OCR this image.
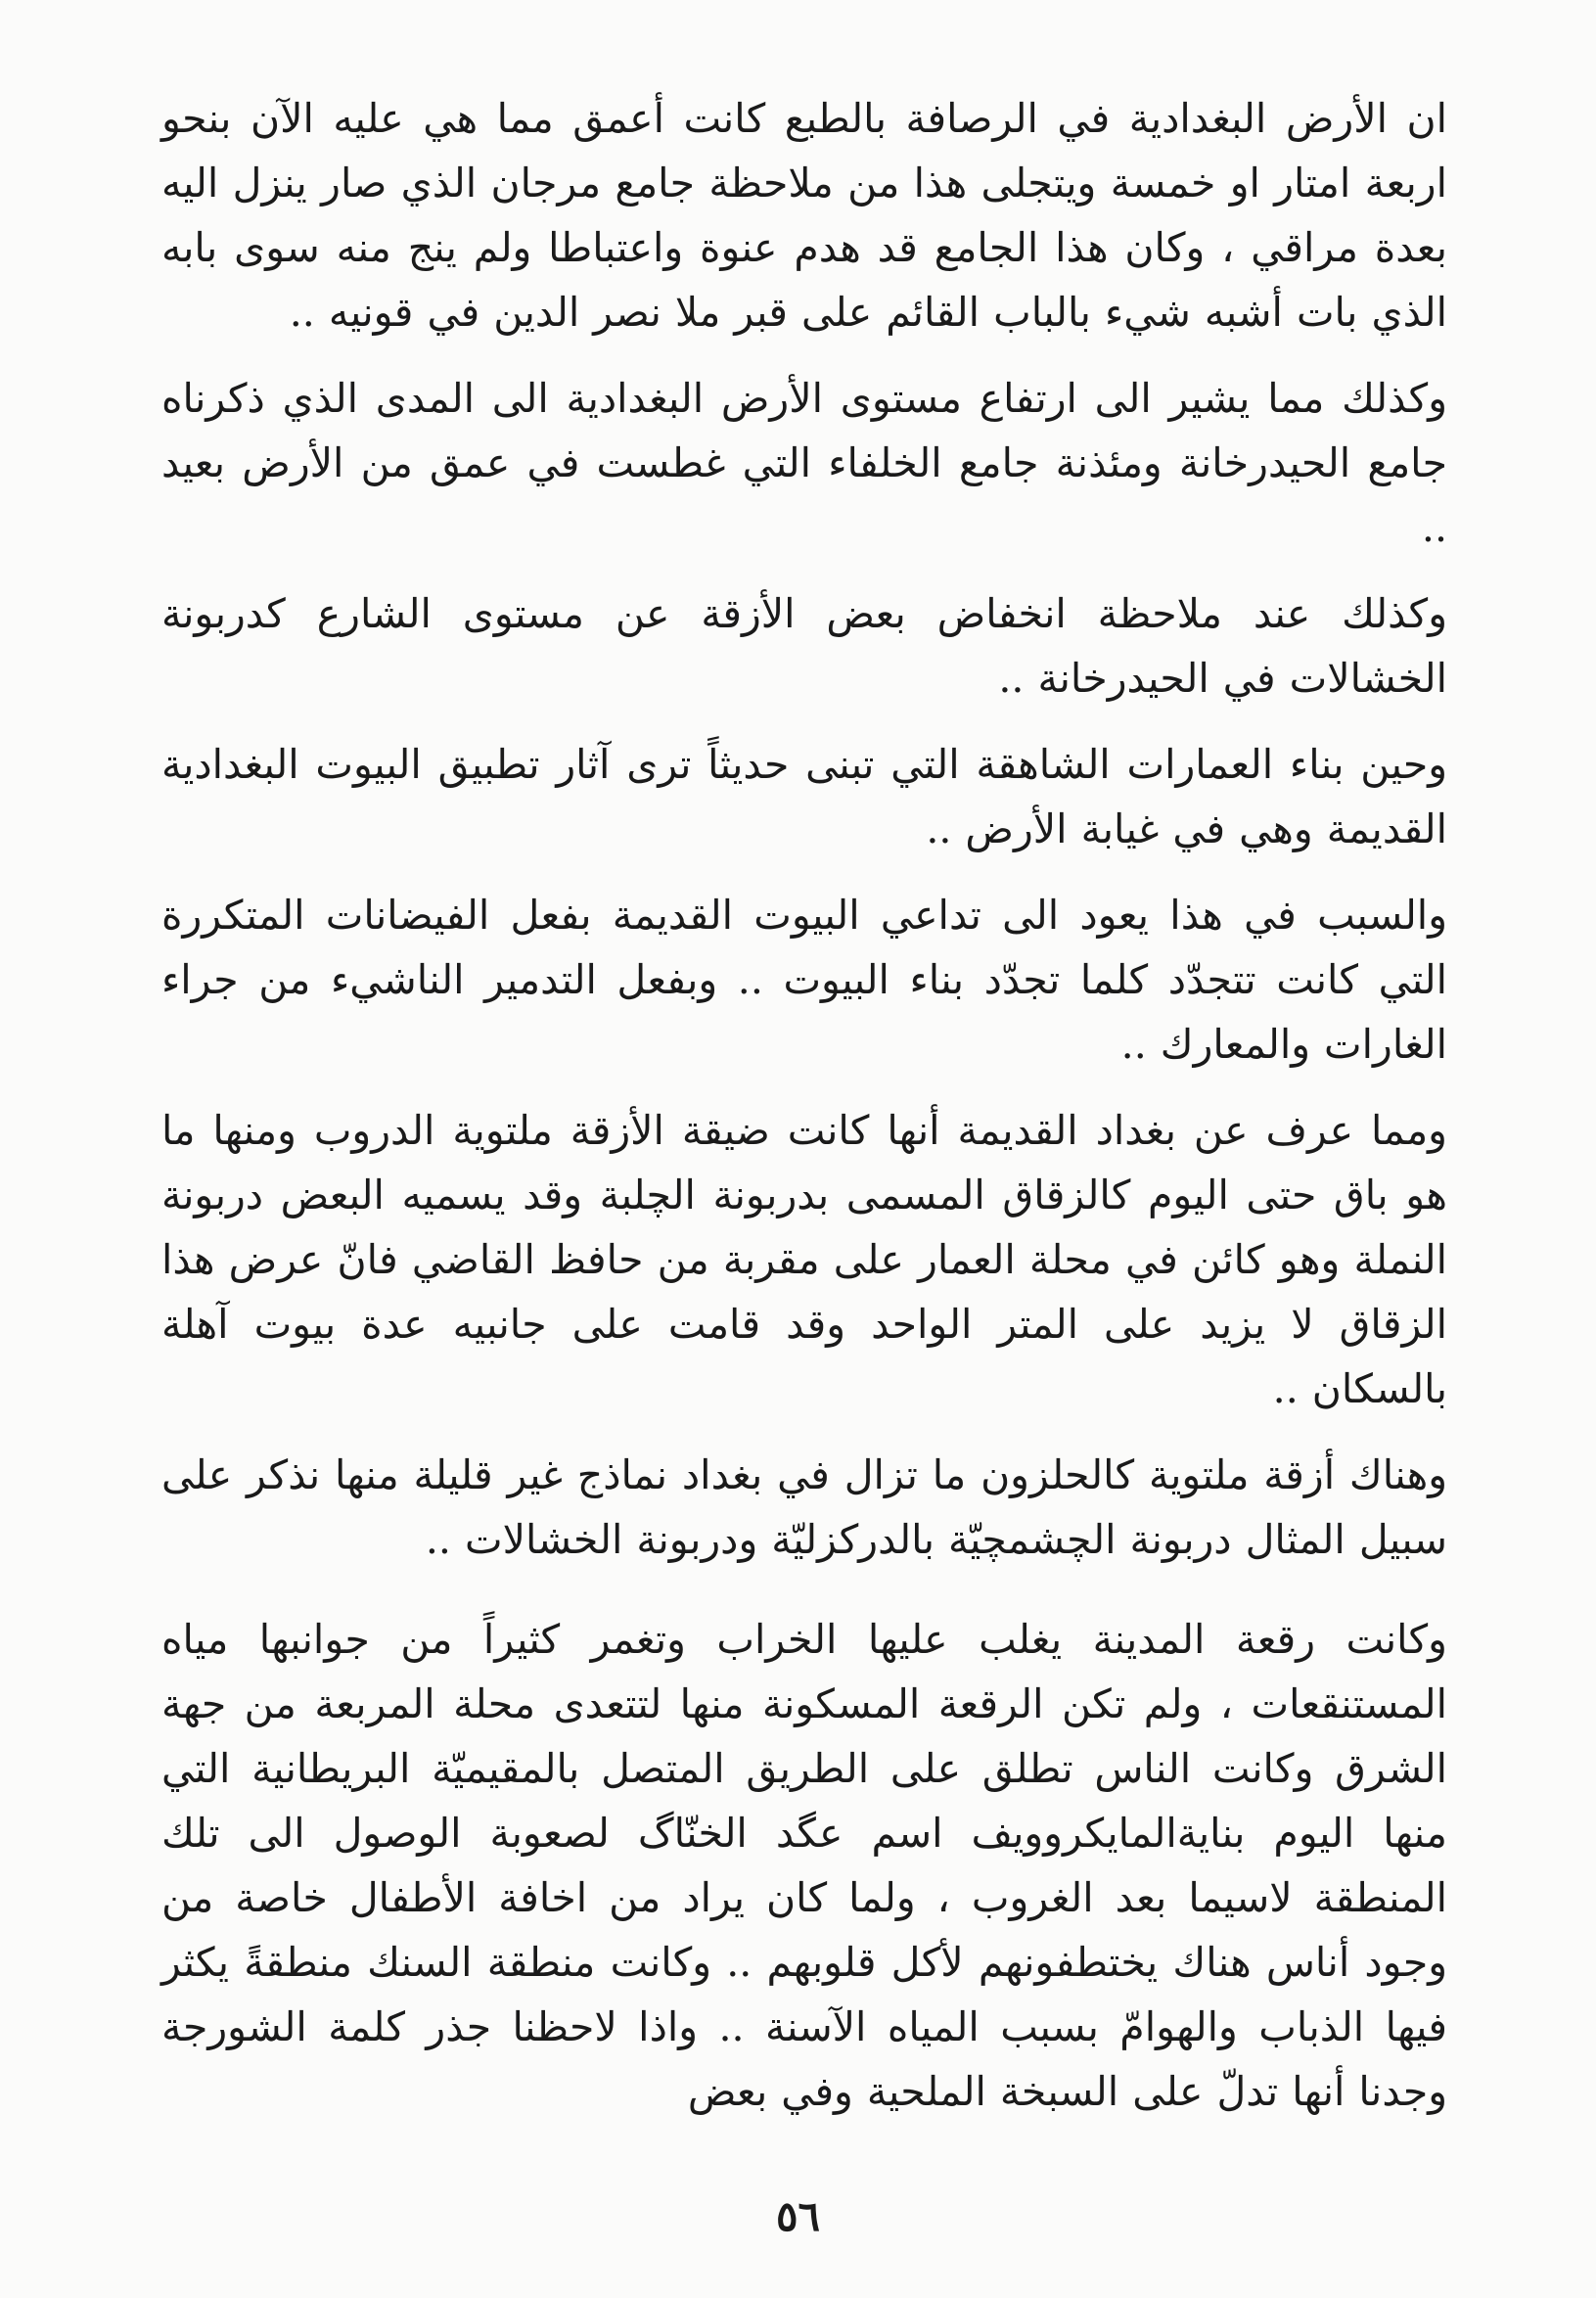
ان الأرض البغدادية في الرصافة بالطبع كانت أعمق مما هي عليه الآن بنحو اربعة امتار او خمسة ويتجلى هذا من ملاحظة جامع مرجان الذي صار ينزل اليه بعدة مراقي ، وكان هذا الجامع قد هدم عنوة واعتباطا ولم ينج منه سوى بابه الذي بات أشبه شيء بالباب القائم على قبر ملا نصر الدين في قونيه ..

وكذلك مما يشير الى ارتفاع مستوى الأرض البغدادية الى المدى الذي ذكرناه جامع الحيدرخانة ومئذنة جامع الخلفاء التي غطست في عمق من الأرض بعيد ..

وكذلك عند ملاحظة انخفاض بعض الأزقة عن مستوى الشارع كدربونة الخشالات في الحيدرخانة ..

وحين بناء العمارات الشاهقة التي تبنى حديثاً ترى آثار تطبيق البيوت البغدادية القديمة وهي في غيابة الأرض ..

والسبب في هذا يعود الى تداعي البيوت القديمة بفعل الفيضانات المتكررة التي كانت تتجدّد كلما تجدّد بناء البيوت .. وبفعل التدمير الناشيء من جراء الغارات والمعارك ..

ومما عرف عن بغداد القديمة أنها كانت ضيقة الأزقة ملتوية الدروب ومنها ما هو باق حتى اليوم كالزقاق المسمى بدربونة الچلبة وقد يسميه البعض دربونة النملة وهو كائن في محلة العمار على مقربة من حافظ القاضي فانّ عرض هذا الزقاق لا يزيد على المتر الواحد وقد قامت على جانبيه عدة بيوت آهلة بالسكان ..

وهناك أزقة ملتوية كالحلزون ما تزال في بغداد نماذج غير قليلة منها نذكر على سبيل المثال دربونة الچشمچيّة بالدركزليّة ودربونة الخشالات ..

وكانت رقعة المدينة يغلب عليها الخراب وتغمر كثيراً من جوانبها مياه المستنقعات ، ولم تكن الرقعة المسكونة منها لتتعدى محلة المربعة من جهة الشرق وكانت الناس تطلق على الطريق المتصل بالمقيميّة البريطانية التي منها اليوم بنايةالمايكروويف اسم عگد الخنّاگ لصعوبة الوصول الى تلك المنطقة لاسيما بعد الغروب ، ولما كان يراد من اخافة الأطفال خاصة من وجود أناس هناك يختطفونهم لأكل قلوبهم .. وكانت منطقة السنك منطقةً يكثر فيها الذباب والهوامّ بسبب المياه الآسنة .. واذا لاحظنا جذر كلمة الشورجة وجدنا أنها تدلّ على السبخة الملحية وفي بعض

٥٦
